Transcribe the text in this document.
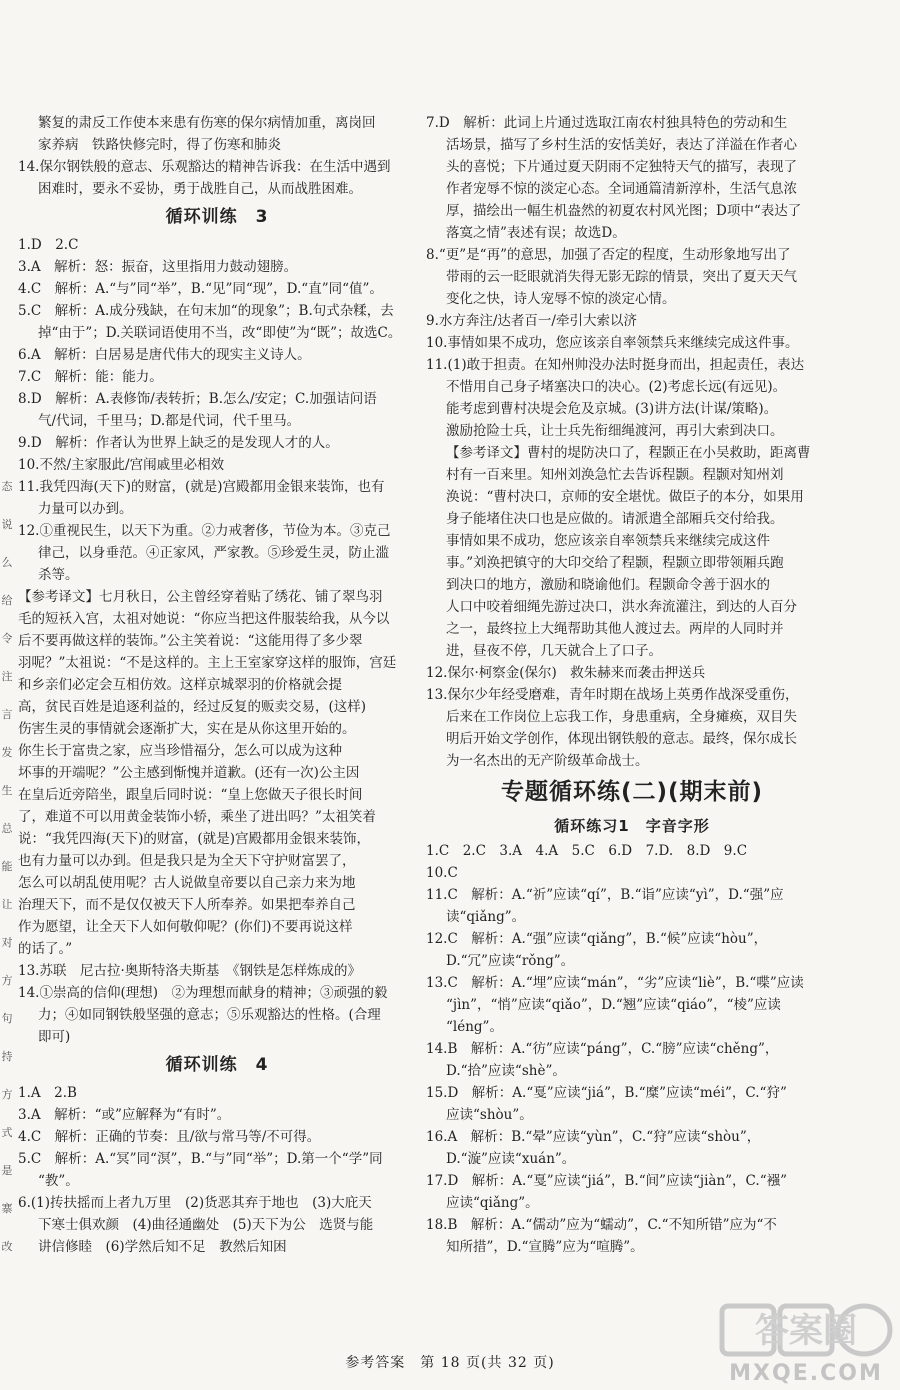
繁复的肃反工作使本来患有伤寒的保尔病情加重，离岗回
家养病　铁路快修完时，得了伤寒和肺炎
14.保尔钢铁般的意志、乐观豁达的精神告诉我：在生活中遇到
困难时，要永不妥协，勇于战胜自己，从而战胜困难。
循环训练　3
1.D　2.C
3.A　解析：怒：振奋，这里指用力鼓动翅膀。
4.C　解析：A.“与”同“举”，B.“见”同“现”，D.“直”同“值”。
5.C　解析：A.成分残缺，在句末加“的现象”；B.句式杂糅，去
掉“由于”；D.关联词语使用不当，改“即使”为“既”；故选C。
6.A　解析：白居易是唐代伟大的现实主义诗人。
7.C　解析：能：能力。
8.D　解析：A.表修饰/表转折；B.怎么/安定；C.加强诘问语
气/代词，千里马；D.都是代词，代千里马。
9.D　解析：作者认为世界上缺乏的是发现人才的人。
10.不然/主家服此/宫闱戚里必相效
11.我凭四海(天下)的财富，(就是)宫殿都用金银来装饰，也有
力量可以办到。
12.①重视民生，以天下为重。②力戒奢侈，节俭为本。③克己
律己，以身垂范。④正家风，严家教。⑤珍爱生灵，防止滥
杀等。
【参考译文】七月秋日，公主曾经穿着贴了绣花、铺了翠鸟羽
毛的短袄入宫，太祖对她说：“你应当把这件服装给我，从今以
后不要再做这样的装饰。”公主笑着说：“这能用得了多少翠
羽呢？”太祖说：“不是这样的。主上王室家穿这样的服饰，宫廷
和乡亲们必定会互相仿效。这样京城翠羽的价格就会提
高，贫民百姓是追逐利益的，经过反复的贩卖交易，(这样)
伤害生灵的事情就会逐渐扩大，实在是从你这里开始的。
你生长于富贵之家，应当珍惜福分，怎么可以成为这种
坏事的开端呢？”公主感到惭愧并道歉。(还有一次)公主因
在皇后近旁陪坐，跟皇后同时说：“皇上您做天子很长时间
了，难道不可以用黄金装饰小轿，乘坐了进出吗？”太祖笑着
说：“我凭四海(天下)的财富，(就是)宫殿都用金银来装饰，
也有力量可以办到。但是我只是为全天下守护财富罢了，
怎么可以胡乱使用呢？古人说做皇帝要以自己亲力来为地
治理天下，而不是仅仅被天下人所奉养。如果把奉养自己
作为愿望，让全天下人如何敬仰呢？(你们)不要再说这样
的话了。”
13.苏联　尼古拉·奥斯特洛夫斯基　《钢铁是怎样炼成的》
14.①崇高的信仰(理想)　②为理想而献身的精神；③顽强的毅
力；④如同钢铁般坚强的意志；⑤乐观豁达的性格。(合理
即可)
循环训练　4
1.A　2.B
3.A　解析：“或”应解释为“有时”。
4.C　解析：正确的节奏：且/欲与常马等/不可得。
5.C　解析：A.“冥”同“溟”，B.“与”同“举”；D.第一个“学”同
“教”。
6.(1)抟扶摇而上者九万里　(2)货恶其弃于地也　(3)大庇天
下寒士俱欢颜　(4)曲径通幽处　(5)天下为公　选贤与能
讲信修睦　(6)学然后知不足　教然后知困
7.D　解析：此词上片通过选取江南农村独具特色的劳动和生
活场景，描写了乡村生活的安恬美好，表达了洋溢在作者心
头的喜悦；下片通过夏天阴雨不定独特天气的描写，表现了
作者宠辱不惊的淡定心态。全词通篇清新淳朴，生活气息浓
厚，描绘出一幅生机盎然的初夏农村风光图；D项中“表达了
落寞之情”表述有误；故选D。
8.“更”是“再”的意思，加强了否定的程度，生动形象地写出了
带雨的云一眨眼就消失得无影无踪的情景，突出了夏天天气
变化之快，诗人宠辱不惊的淡定心情。
9.水方奔注/达者百一/牵引大索以济
10.事情如果不成功，您应该亲自率领禁兵来继续完成这件事。
11.(1)敢于担责。在知州帅没办法时挺身而出，担起责任，表达
不惜用自己身子堵塞决口的决心。(2)考虑长远(有远见)。
能考虑到曹村决堤会危及京城。(3)讲方法(计谋/策略)。
激励抢险士兵，让士兵先衔细绳渡河，再引大索到决口。
【参考译文】曹村的堤防决口了，程颢正在小吴救助，距离曹
村有一百来里。知州刘涣急忙去告诉程颢。程颢对知州刘
涣说：“曹村决口，京师的安全堪忧。做臣子的本分，如果用
身子能堵住决口也是应做的。请派遣全部厢兵交付给我。
事情如果不成功，您应该亲自率领禁兵来继续完成这件
事。”刘涣把镇守的大印交给了程颢，程颢立即带领厢兵跑
到决口的地方，激励和晓谕他们。程颢命令善于泅水的
人口中咬着细绳先游过决口，洪水奔流灌注，到达的人百分
之一，最终拉上大绳帮助其他人渡过去。两岸的人同时并
进，昼夜不停，几天就合上了口子。
12.保尔·柯察金(保尔)　救朱赫来而袭击押送兵
13.保尔少年经受磨难，青年时期在战场上英勇作战深受重伤，
后来在工作岗位上忘我工作，身患重病，全身瘫痪，双目失
明后开始文学创作，体现出钢铁般的意志。最终，保尔成长
为一名杰出的无产阶级革命战士。
专题循环练(二)(期末前)
循环练习1　字音字形
1.C　2.C　3.A　4.A　5.C　6.D　7.D.　8.D　9.C
10.C
11.C　解析：A.“祈”应读“qí”，B.“诣”应读“yì”，D.“强”应
读“qiǎng”。
12.C　解析：A.“强”应读“qiǎng”，B.“候”应读“hòu”，
D.“冗”应读“rǒng”。
13.C　解析：A.“埋”应读“mán”，“劣”应读“liè”，B.“喋”应读
“jìn”，“悄”应读“qiǎo”，D.“翘”应读“qiáo”，“棱”应读
“léng”。
14.B　解析：A.“彷”应读“páng”，C.“膀”应读“chěng”，
D.“拾”应读“shè”。
15.D　解析：A.“戛”应读“jiá”，B.“糜”应读“méi”，C.“狩”
应读“shòu”。
16.A　解析：B.“晕”应读“yùn”，C.“狩”应读“shòu”，
D.“漩”应读“xuán”。
17.D　解析：A.“戛”应读“jiá”，B.“间”应读“jiàn”，C.“襁”
应读“qiǎng”。
18.B　解析：A.“儒动”应为“蠕动”，C.“不知所错”应为“不
知所措”，D.“宣腾”应为“喧腾”。
态
说
么
给
令
注
言
发
生
总
能
让
对
方
句
持
方
式
是
寨
改
参考答案　第 18 页(共 32 页)
答案圈
MXQE.COM
